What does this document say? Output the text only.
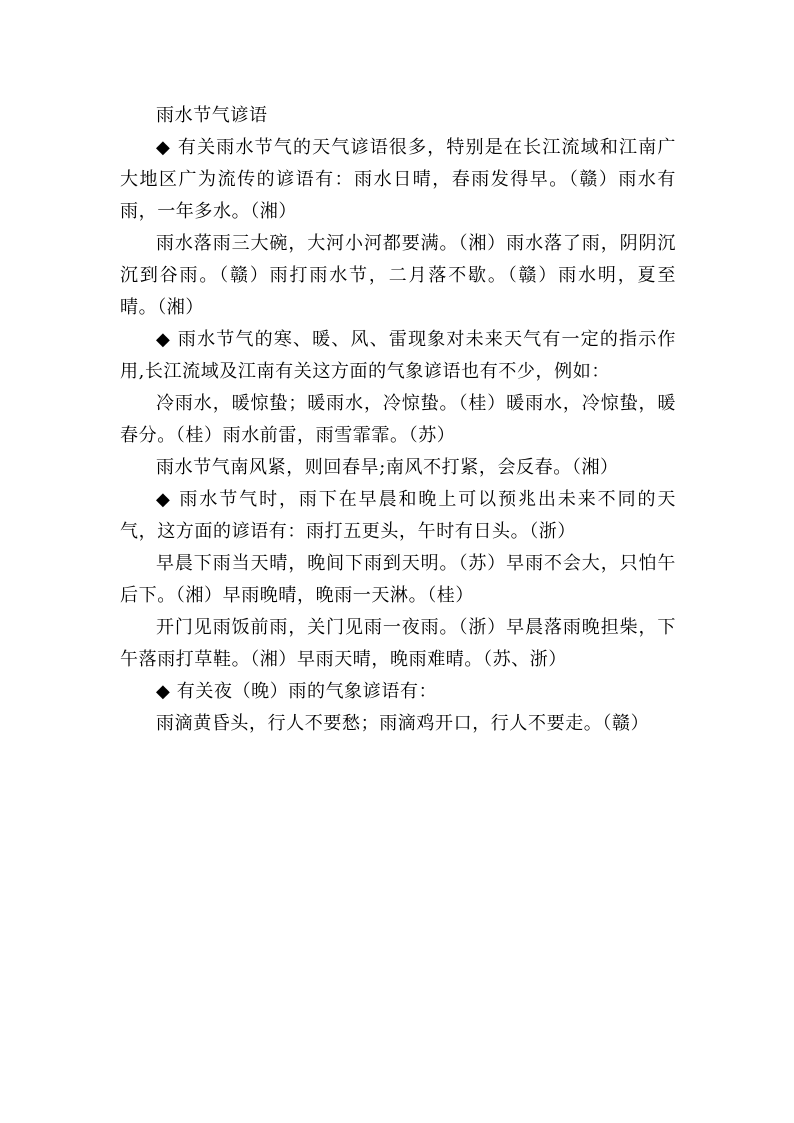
雨水节气谚语

◆ 有关雨水节气的天气谚语很多，特别是在长江流域和江南广大地区广为流传的谚语有：雨水日晴，春雨发得早。（赣）雨水有雨，一年多水。（湘）

雨水落雨三大碗，大河小河都要满。（湘）雨水落了雨，阴阴沉沉到谷雨。（赣）雨打雨水节，二月落不歇。（赣）雨水明，夏至晴。（湘）

◆ 雨水节气的寒、暖、风、雷现象对未来天气有一定的指示作用,长江流域及江南有关这方面的气象谚语也有不少，例如：

冷雨水，暖惊蛰；暖雨水，冷惊蛰。（桂）暖雨水，冷惊蛰，暖春分。（桂）雨水前雷，雨雪霏霏。（苏）

雨水节气南风紧，则回春旱;南风不打紧，会反春。（湘）

◆ 雨水节气时，雨下在早晨和晚上可以预兆出未来不同的天气，这方面的谚语有：雨打五更头，午时有日头。（浙）

早晨下雨当天晴，晚间下雨到天明。（苏）早雨不会大，只怕午后下。（湘）早雨晚晴，晚雨一天淋。（桂）

开门见雨饭前雨，关门见雨一夜雨。（浙）早晨落雨晚担柴，下午落雨打草鞋。（湘）早雨天晴，晚雨难晴。（苏、浙）

◆ 有关夜（晚）雨的气象谚语有：

雨滴黄昏头，行人不要愁；雨滴鸡开口，行人不要走。（赣）
